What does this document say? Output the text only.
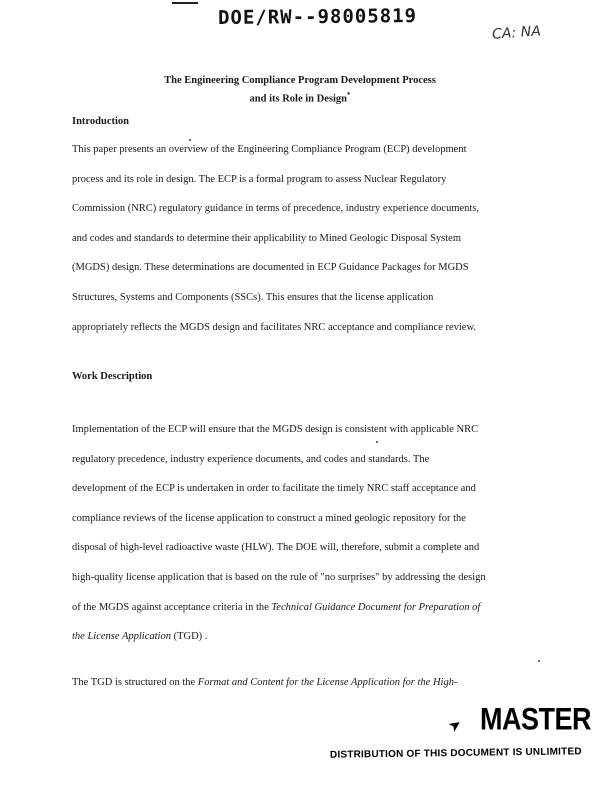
DOE/RW--98005819
CA: NA
The Engineering Compliance Program Development Process
and its Role in Design*
Introduction
This paper presents an overview of the Engineering Compliance Program (ECP) development
process and its role in design. The ECP is a formal program to assess Nuclear Regulatory
Commission (NRC) regulatory guidance in terms of precedence, industry experience documents,
and codes and standards to determine their applicability to Mined Geologic Disposal System
(MGDS) design. These determinations are documented in ECP Guidance Packages for MGDS
Structures, Systems and Components (SSCs). This ensures that the license application
appropriately reflects the MGDS design and facilitates NRC acceptance and compliance review.
Work Description
Implementation of the ECP will ensure that the MGDS design is consistent with applicable NRC
regulatory precedence, industry experience documents, and codes and standards. The
development of the ECP is undertaken in order to facilitate the timely NRC staff acceptance and
compliance reviews of the license application to construct a mined geologic repository for the
disposal of high-level radioactive waste (HLW). The DOE will, therefore, submit a complete and
high-quality license application that is based on the rule of "no surprises" by addressing the design
of the MGDS against acceptance criteria in the Technical Guidance Document for Preparation of
the License Application (TGD) .
The TGD is structured on the Format and Content for the License Application for the High-
➤ MASTER
DISTRIBUTION OF THIS DOCUMENT IS UNLIMITED
